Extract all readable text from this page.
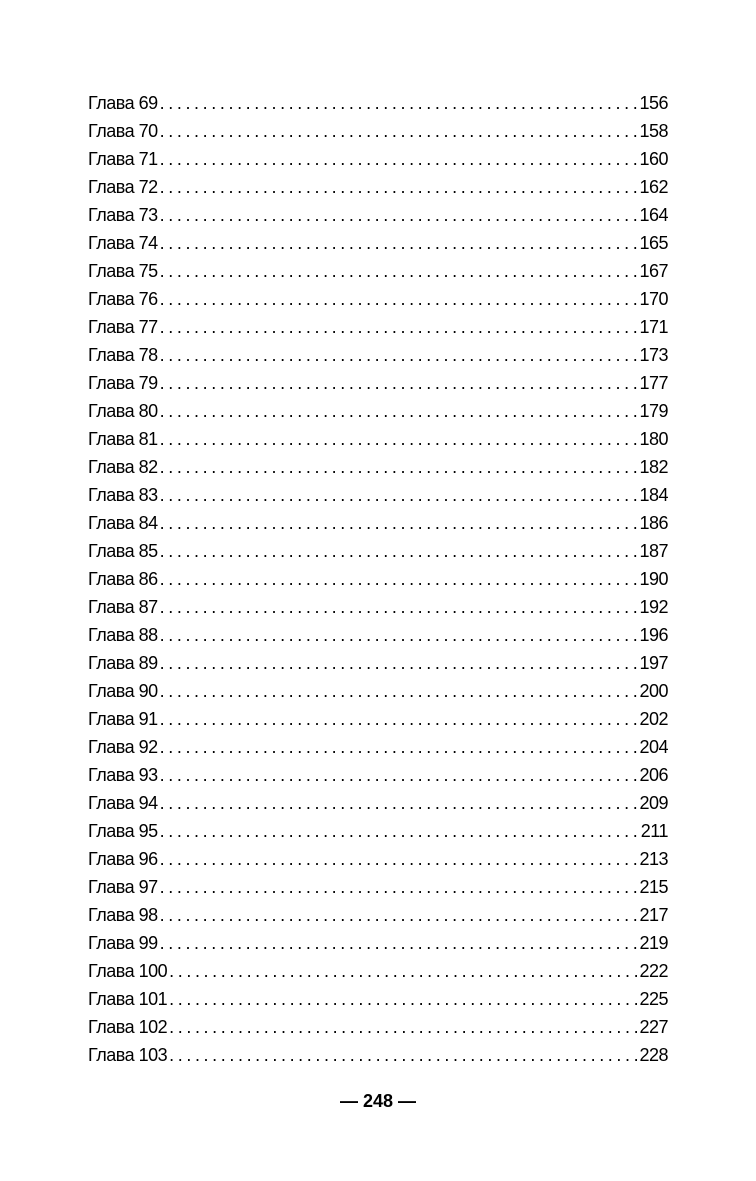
Глава 69 .....	156
Глава 70 .....	158
Глава 71 .....	160
Глава 72 .....	162
Глава 73 .....	164
Глава 74 .....	165
Глава 75 .....	167
Глава 76 .....	170
Глава 77 .....	171
Глава 78 .....	173
Глава 79 .....	177
Глава 80 .....	179
Глава 81 .....	180
Глава 82 .....	182
Глава 83 .....	184
Глава 84 .....	186
Глава 85 .....	187
Глава 86 .....	190
Глава 87 .....	192
Глава 88 .....	196
Глава 89 .....	197
Глава 90 .....	200
Глава 91 .....	202
Глава 92 .....	204
Глава 93 .....	206
Глава 94 .....	209
Глава 95 .....	211
Глава 96 .....	213
Глава 97 .....	215
Глава 98 .....	217
Глава 99 .....	219
Глава 100 .....	222
Глава 101 .....	225
Глава 102 .....	227
Глава 103 .....	228
— 248 —
